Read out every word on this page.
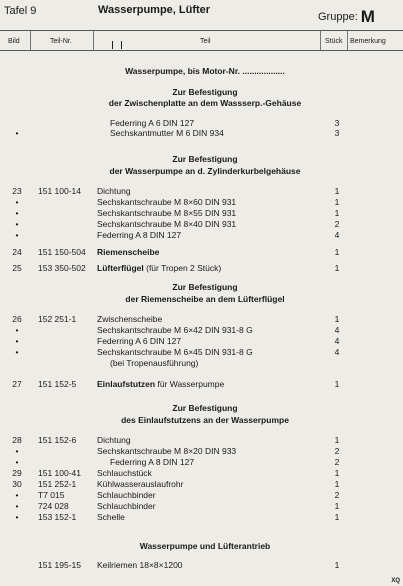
Tafel 9	Wasserpumpe, Lüfter
Gruppe: M
Bild	Teil-Nr.	Teil	Stück Bemerkung
Wasserpumpe, bis Motor-Nr. ..................
Zur Befestigung
der Zwischenplatte an dem Wassserp.-Gehäuse
Federring A 6 DIN 127	3
•	Sechskantmutter M 6 DIN 934	3
Zur Befestigung
der Wasserpumpe an d. Zylinderkurbelgehäuse
23	151 100-14 Dichtung	1
•	Sechskantschraube M 8×60 DIN 931	1
•	Sechskantschraube M 8×55 DIN 931	1
•	Sechskantschraube M 8×40 DIN 931	2
•	Federring A 8 DIN 127	4
24	151 150-504 Riemenscheibe	1
25	153 350-502 Lüfterflügel (für Tropen 2 Stück)	1
Zur Befestigung
der Riemenscheibe an dem Lüfterflügel
26	152 251-1 Zwischenscheibe	1
•	Sechskantschraube M 6×42 DIN 931-8 G	4
•	Federring A 6 DIN 127	4
•	Sechskantschraube M 6×45 DIN 931-8 G	4
(bei Tropenausführung)
27	151 152-5 Einlaufstutzen für Wasserpumpe	1
Zur Befestigung
des Einlaufstutzens an der Wasserpumpe
28	151 152-6 Dichtung	1
•	Sechskantschraube M 8×20 DIN 933	2
•	Federring A 8 DIN 127	2
29	151 100-41 Schlauchstück	1
30	151 252-1 Kühlwasserauslaufrohr	1
•	T7 015	Schlauchbinder	2
•	724 028	Schlauchbinder	1
•	153 152-1 Schelle	1
Wasserpumpe und Lüfterantrieb
151 195-15 Keilriemen 18×8×1200	1
XQ
